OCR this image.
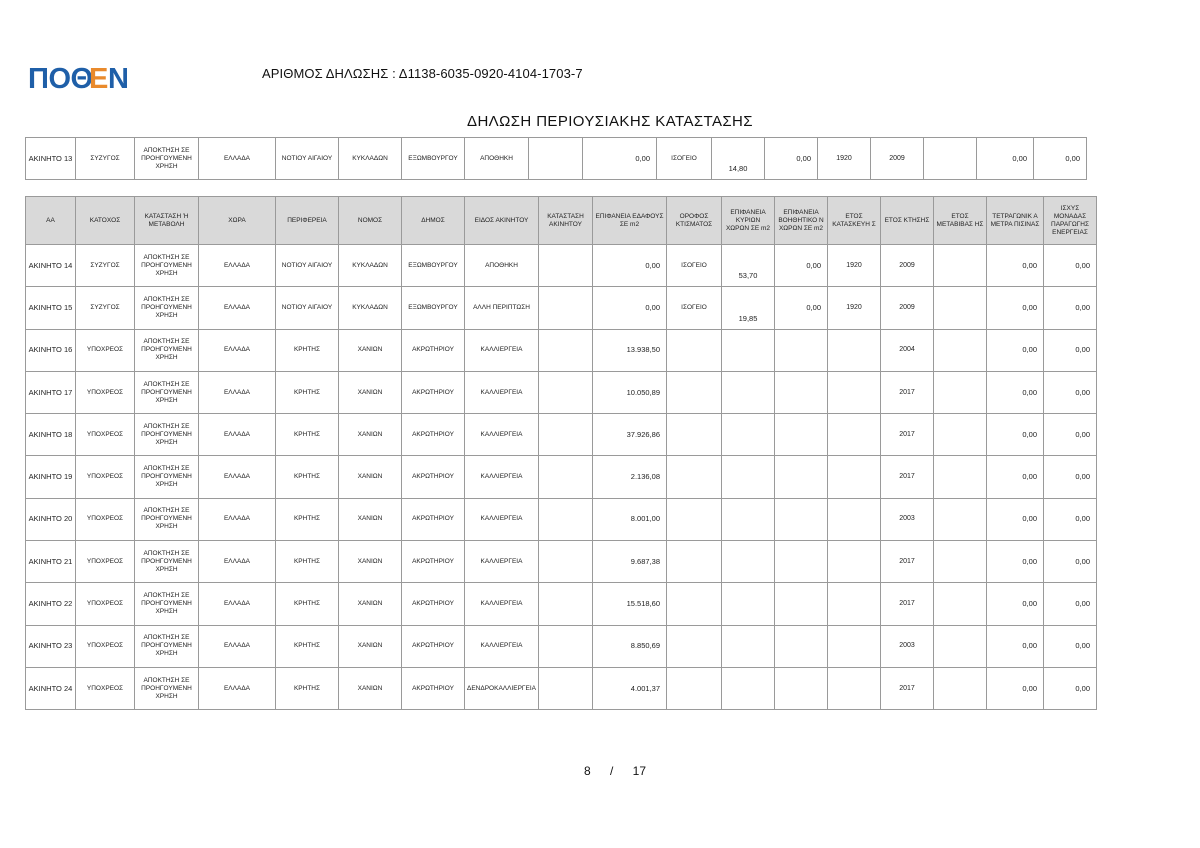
ΠΟΘ
Ε Ν	ΑΡΙΘΜΟΣ ΔΗΛΩΣΗΣ : Δ1138-6035-0920-4104-1703-7
ΔΗΛΩΣΗ ΠΕΡΙΟΥΣΙΑΚΗΣ ΚΑΤΑΣΤΑΣΗΣ
ΑΚΙΝΗΤΟ 13	ΣΥΖΥΓΟΣ	ΑΠΟΚΤΗΣΗ ΣΕ ΠΡΟΗΓΟΥΜΕΝΗ ΧΡΗΣΗ	ΕΛΛΑΔΑ	ΝΟΤΙΟΥ ΑΙΓΑΙΟΥ	ΚΥΚΛΑΔΩΝ	ΕΞΩΜΒΟΥΡΓΟΥ	ΑΠΟΘΗΚΗ		0,00	ΙΣΟΓΕΙΟ	14,80	0,00	1920	2009		0,00	0,00
ΑΑ	ΚΑΤΟΧΟΣ	ΚΑΤΑΣΤΑΣΗ Ή ΜΕΤΑΒΟΛΗ	ΧΩΡΑ	ΠΕΡΙΦΕΡΕΙΑ	ΝΟΜΟΣ	ΔΗΜΟΣ	ΕΙΔΟΣ ΑΚΙΝΗΤΟΥ	ΚΑΤΑΣΤΑΣΗ ΑΚΙΝΗΤΟΥ	ΕΠΙΦΑΝΕΙΑ ΕΔΑΦΟΥΣ ΣΕ m2	ΟΡΟΦΟΣ ΚΤΙΣΜΑΤΟΣ	ΕΠΙΦΑΝΕΙΑ ΚΥΡΙΩΝ ΧΩΡΩΝ ΣΕ m2	ΕΠΙΦΑΝΕΙΑ ΒΟΗΘΗΤΙΚΟ Ν ΧΩΡΩΝ ΣΕ m2	ΕΤΟΣ ΚΑΤΑΣΚΕΥΗ Σ	ΕΤΟΣ ΚΤΗΣΗΣ	ΕΤΟΣ ΜΕΤΑΒΙΒΑΣ ΗΣ	ΤΕΤΡΑΓΩΝΙΚ Α ΜΕΤΡΑ ΠΙΣΙΝΑΣ	ΙΣΧΥΣ ΜΟΝΑΔΑΣ ΠΑΡΑΓΩΓΗΣ ΕΝΕΡΓΕΙΑΣ
ΑΚΙΝΗΤΟ 14	ΣΥΖΥΓΟΣ	ΑΠΟΚΤΗΣΗ ΣΕ ΠΡΟΗΓΟΥΜΕΝΗ ΧΡΗΣΗ	ΕΛΛΑΔΑ	ΝΟΤΙΟΥ ΑΙΓΑΙΟΥ	ΚΥΚΛΑΔΩΝ	ΕΞΩΜΒΟΥΡΓΟΥ	ΑΠΟΘΗΚΗ		0,00	ΙΣΟΓΕΙΟ	53,70	0,00	1920	2009		0,00	0,00
ΑΚΙΝΗΤΟ 15	ΣΥΖΥΓΟΣ	ΑΠΟΚΤΗΣΗ ΣΕ ΠΡΟΗΓΟΥΜΕΝΗ ΧΡΗΣΗ	ΕΛΛΑΔΑ	ΝΟΤΙΟΥ ΑΙΓΑΙΟΥ	ΚΥΚΛΑΔΩΝ	ΕΞΩΜΒΟΥΡΓΟΥ	ΑΛΛΗ ΠΕΡΙΠΤΩΣΗ		0,00	ΙΣΟΓΕΙΟ	19,85	0,00	1920	2009		0,00	0,00
ΑΚΙΝΗΤΟ 16	ΥΠΟΧΡΕΟΣ	ΑΠΟΚΤΗΣΗ ΣΕ ΠΡΟΗΓΟΥΜΕΝΗ ΧΡΗΣΗ	ΕΛΛΑΔΑ	ΚΡΗΤΗΣ	ΧΑΝΙΩΝ	ΑΚΡΩΤΗΡΙΟΥ	ΚΑΛΛΙΕΡΓΕΙΑ		13.938,50					2004		0,00	0,00
ΑΚΙΝΗΤΟ 17	ΥΠΟΧΡΕΟΣ	ΑΠΟΚΤΗΣΗ ΣΕ ΠΡΟΗΓΟΥΜΕΝΗ ΧΡΗΣΗ	ΕΛΛΑΔΑ	ΚΡΗΤΗΣ	ΧΑΝΙΩΝ	ΑΚΡΩΤΗΡΙΟΥ	ΚΑΛΛΙΕΡΓΕΙΑ		10.050,89					2017		0,00	0,00
ΑΚΙΝΗΤΟ 18	ΥΠΟΧΡΕΟΣ	ΑΠΟΚΤΗΣΗ ΣΕ ΠΡΟΗΓΟΥΜΕΝΗ ΧΡΗΣΗ	ΕΛΛΑΔΑ	ΚΡΗΤΗΣ	ΧΑΝΙΩΝ	ΑΚΡΩΤΗΡΙΟΥ	ΚΑΛΛΙΕΡΓΕΙΑ		37.926,86					2017		0,00	0,00
ΑΚΙΝΗΤΟ 19	ΥΠΟΧΡΕΟΣ	ΑΠΟΚΤΗΣΗ ΣΕ ΠΡΟΗΓΟΥΜΕΝΗ ΧΡΗΣΗ	ΕΛΛΑΔΑ	ΚΡΗΤΗΣ	ΧΑΝΙΩΝ	ΑΚΡΩΤΗΡΙΟΥ	ΚΑΛΛΙΕΡΓΕΙΑ		2.136,08					2017		0,00	0,00
ΑΚΙΝΗΤΟ 20	ΥΠΟΧΡΕΟΣ	ΑΠΟΚΤΗΣΗ ΣΕ ΠΡΟΗΓΟΥΜΕΝΗ ΧΡΗΣΗ	ΕΛΛΑΔΑ	ΚΡΗΤΗΣ	ΧΑΝΙΩΝ	ΑΚΡΩΤΗΡΙΟΥ	ΚΑΛΛΙΕΡΓΕΙΑ		8.001,00					2003		0,00	0,00
ΑΚΙΝΗΤΟ 21	ΥΠΟΧΡΕΟΣ	ΑΠΟΚΤΗΣΗ ΣΕ ΠΡΟΗΓΟΥΜΕΝΗ ΧΡΗΣΗ	ΕΛΛΑΔΑ	ΚΡΗΤΗΣ	ΧΑΝΙΩΝ	ΑΚΡΩΤΗΡΙΟΥ	ΚΑΛΛΙΕΡΓΕΙΑ		9.687,38					2017		0,00	0,00
ΑΚΙΝΗΤΟ 22	ΥΠΟΧΡΕΟΣ	ΑΠΟΚΤΗΣΗ ΣΕ ΠΡΟΗΓΟΥΜΕΝΗ ΧΡΗΣΗ	ΕΛΛΑΔΑ	ΚΡΗΤΗΣ	ΧΑΝΙΩΝ	ΑΚΡΩΤΗΡΙΟΥ	ΚΑΛΛΙΕΡΓΕΙΑ		15.518,60					2017		0,00	0,00
ΑΚΙΝΗΤΟ 23	ΥΠΟΧΡΕΟΣ	ΑΠΟΚΤΗΣΗ ΣΕ ΠΡΟΗΓΟΥΜΕΝΗ ΧΡΗΣΗ	ΕΛΛΑΔΑ	ΚΡΗΤΗΣ	ΧΑΝΙΩΝ	ΑΚΡΩΤΗΡΙΟΥ	ΚΑΛΛΙΕΡΓΕΙΑ		8.850,69					2003		0,00	0,00
ΑΚΙΝΗΤΟ 24	ΥΠΟΧΡΕΟΣ	ΑΠΟΚΤΗΣΗ ΣΕ ΠΡΟΗΓΟΥΜΕΝΗ ΧΡΗΣΗ	ΕΛΛΑΔΑ	ΚΡΗΤΗΣ	ΧΑΝΙΩΝ	ΑΚΡΩΤΗΡΙΟΥ	ΔΕΝΔΡΟΚΑΛΛΙΕΡΓΕΙΑ		4.001,37					2017		0,00	0,00
8 / 17
